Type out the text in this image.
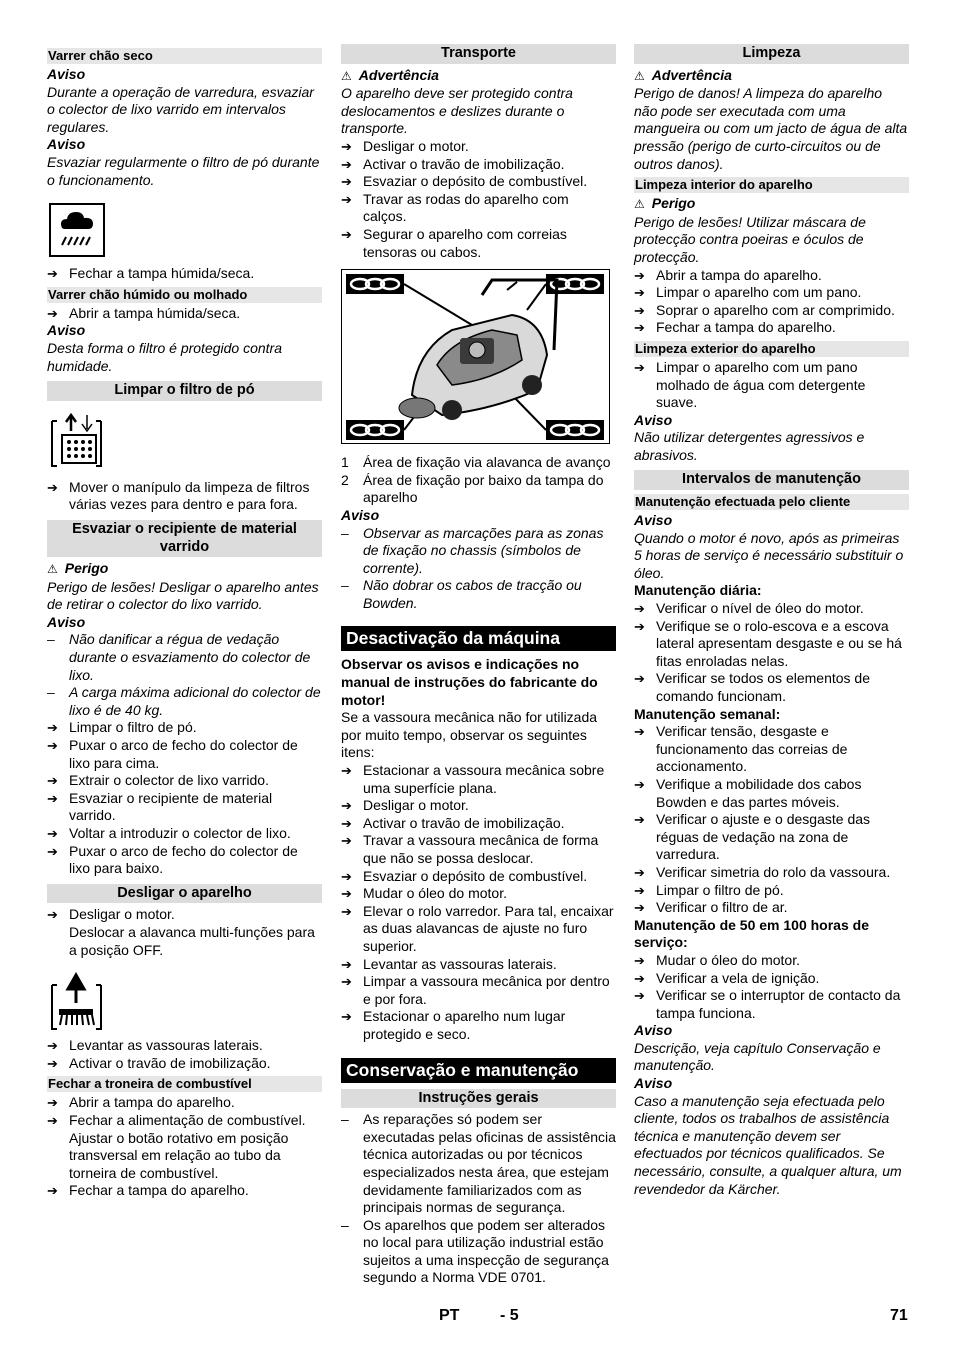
Varrer chão seco
Aviso

Durante a operação de varredura, esvaziar o colector de lixo varrido em intervalos regulares.

Aviso

Esvaziar regularmente o filtro de pó durante o funcionamento.

➔ Fechar a tampa húmida/seca.
Varrer chão húmido ou molhado
➔ Abrir a tampa húmida/seca.
Aviso

Desta forma o filtro é protegido contra humidade.

Limpar o filtro de pó
➔ Mover o manípulo da limpeza de filtros várias vezes para dentro e para fora.
Esvaziar o recipiente de material varrido
⚠ Perigo

Perigo de lesões! Desligar o aparelho antes de retirar o colector do lixo varrido.

Aviso
– Não danificar a régua de vedação durante o esvaziamento do colector de lixo.
– A carga máxima adicional do colector de lixo é de 40 kg.
➔ Limpar o filtro de pó.
➔ Puxar o arco de fecho do colector de lixo para cima.
➔ Extrair o colector de lixo varrido.
➔ Esvaziar o recipiente de material varrido.
➔ Voltar a introduzir o colector de lixo.
➔ Puxar o arco de fecho do colector de lixo para baixo.
Desligar o aparelho
➔ Desligar o motor.
Deslocar a alavanca multi-funções para a posição OFF.
➔ Levantar as vassouras laterais.
➔ Activar o travão de imobilização.
Fechar a troneira de combustível
➔ Abrir a tampa do aparelho.
➔ Fechar a alimentação de combustível. Ajustar o botão rotativo em posição transversal em relação ao tubo da torneira de combustível.
➔ Fechar a tampa do aparelho.
Transporte
⚠ Advertência

O aparelho deve ser protegido contra deslocamentos e deslizes durante o transporte.

➔ Desligar o motor.
➔ Activar o travão de imobilização.
➔ Esvaziar o depósito de combustível.
➔ Travar as rodas do aparelho com calços.
➔ Segurar o aparelho com correias tensoras ou cabos.
1 Área de fixação via alavanca de avanço
2 Área de fixação por baixo da tampa do aparelho
Aviso
– Observar as marcações para as zonas de fixação no chassis (símbolos de corrente).
– Não dobrar os cabos de tracção ou Bowden.
Desactivação da máquina

Observar os avisos e indicações no manual de instruções do fabricante do motor!

Se a vassoura mecânica não for utilizada por muito tempo, observar os seguintes itens:

➔ Estacionar a vassoura mecânica sobre uma superfície plana.
➔ Desligar o motor.
➔ Activar o travão de imobilização.
➔ Travar a vassoura mecânica de forma que não se possa deslocar.
➔ Esvaziar o depósito de combustível.
➔ Mudar o óleo do motor.
➔ Elevar o rolo varredor. Para tal, encaixar as duas alavancas de ajuste no furo superior.
➔ Levantar as vassouras laterais.
➔ Limpar a vassoura mecânica por dentro e por fora.
➔ Estacionar o aparelho num lugar protegido e seco.
Conservação e manutenção
Instruções gerais
– As reparações só podem ser executadas pelas oficinas de assistência técnica autorizadas ou por técnicos especializados nesta área, que estejam devidamente familiarizados com as principais normas de segurança.
– Os aparelhos que podem ser alterados no local para utilização industrial estão sujeitos a uma inspecção de segurança segundo a Norma VDE 0701.
Limpeza
⚠ Advertência

Perigo de danos! A limpeza do aparelho não pode ser executada com uma mangueira ou com um jacto de água de alta pressão (perigo de curto-circuitos ou de outros danos).

Limpeza interior do aparelho
⚠ Perigo

Perigo de lesões! Utilizar máscara de protecção contra poeiras e óculos de protecção.

➔ Abrir a tampa do aparelho.
➔ Limpar o aparelho com um pano.
➔ Soprar o aparelho com ar comprimido.
➔ Fechar a tampa do aparelho.
Limpeza exterior do aparelho
➔ Limpar o aparelho com um pano molhado de água com detergente suave.
Aviso

Não utilizar detergentes agressivos e abrasivos.

Intervalos de manutenção
Manutenção efectuada pelo cliente
Aviso

Quando o motor é novo, após as primeiras 5 horas de serviço é necessário substituir o óleo.

Manutenção diária:
➔ Verificar o nível de óleo do motor.
➔ Verifique se o rolo-escova e a escova lateral apresentam desgaste e ou se há fitas enroladas nelas.
➔ Verificar se todos os elementos de comando funcionam.
Manutenção semanal:
➔ Verificar tensão, desgaste e funcionamento das correias de accionamento.
➔ Verifique a mobilidade dos cabos Bowden e das partes móveis.
➔ Verificar o ajuste e o desgaste das réguas de vedação na zona de varredura.
➔ Verificar simetria do rolo da vassoura.
➔ Limpar o filtro de pó.
➔ Verificar o filtro de ar.
Manutenção de 50 em 100 horas de serviço:
➔ Mudar o óleo do motor.
➔ Verificar a vela de ignição.
➔ Verificar se o interruptor de contacto da tampa funciona.
Aviso

Descrição, veja capítulo Conservação e manutenção.

Aviso

Caso a manutenção seja efectuada pelo cliente, todos os trabalhos de assistência técnica e manutenção devem ser efectuados por técnicos qualificados. Se necessário, consulte, a qualquer altura, um revendedor da Kärcher.

PT	- 5	71
